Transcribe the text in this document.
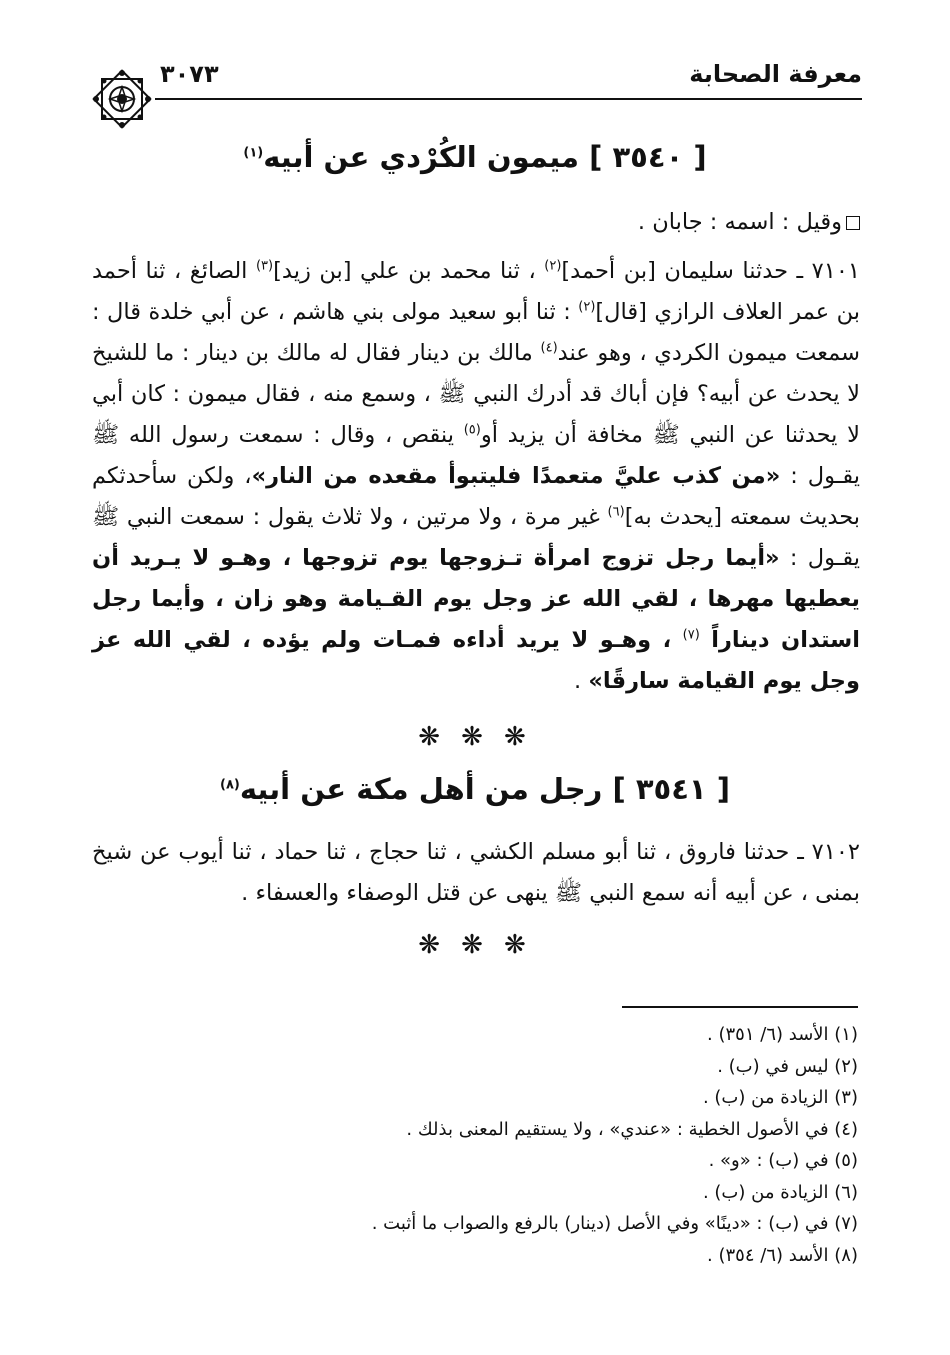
معرفة الصحابة
٣٠٧٣
[ ٣٥٤٠ ] ميمون الكُرْدي عن أبيه$^{(١)}$
وقيل : اسمه : جابان .
٧١٠١ ـ حدثنا سليمان [بن أحمد]$^{(٢)}$ ، ثنا محمد بن علي [بن زيد]$^{(٣)}$ الصائغ ، ثنا أحمد بن عمر العلاف الرازي [قال]$^{(٢)}$ : ثنا أبو سعيد مولى بني هاشم ، عن أبي خلدة قال : سمعت ميمون الكردي ، وهو عند$^{(٤)}$ مالك بن دينار فقال له مالك بن دينار : ما للشيخ لا يحدث عن أبيه؟ فإن أباك قد أدرك النبي ﷺ ، وسمع منه ، فقال ميمون : كان أبي لا يحدثنا عن النبي ﷺ مخافة أن يزيد أو$^{(٥)}$ ينقص ، وقال : سمعت رسول الله ﷺ يقـول : «من كذب عليَّ متعمدًا فليتبوأ مقعده من النار»، ولكن سأحدثكم بحديث سمعته [يحدث به]$^{(٦)}$ غير مرة ، ولا مرتين ، ولا ثلاث يقول : سمعت النبي ﷺ يقـول : «أيما رجل تزوج امرأة تـزوجها يوم تزوجها ، وهـو لا يـريد أن يعطيها مهرها ، لقي الله عز وجل يوم القـيامة وهو زان ، وأيما رجل استدان ديناراً $^{(٧)}$ ، وهـو لا يريد أداءه فمـات ولم يؤده ، لقي الله عز وجل يوم القيامة سارقًا» .
❋ ❋ ❋
[ ٣٥٤١ ] رجل من أهل مكة عن أبيه$^{(٨)}$
٧١٠٢ ـ حدثنا فاروق ، ثنا أبو مسلم الكشي ، ثنا حجاج ، ثنا حماد ، ثنا أيوب عن شيخ بمنى ، عن أبيه أنه سمع النبي ﷺ ينهى عن قتل الوصفاء والعسفاء .
❋ ❋ ❋
(١) الأسد (٦/ ٣٥١) .
(٢) ليس في (ب) .
(٣) الزيادة من (ب) .
(٤) في الأصول الخطية : «عندي» ، ولا يستقيم المعنى بذلك .
(٥) في (ب) : «و» .
(٦) الزيادة من (ب) .
(٧) في (ب) : «دينًا» وفي الأصل (دينار) بالرفع والصواب ما أثبت .
(٨) الأسد (٦/ ٣٥٤) .
